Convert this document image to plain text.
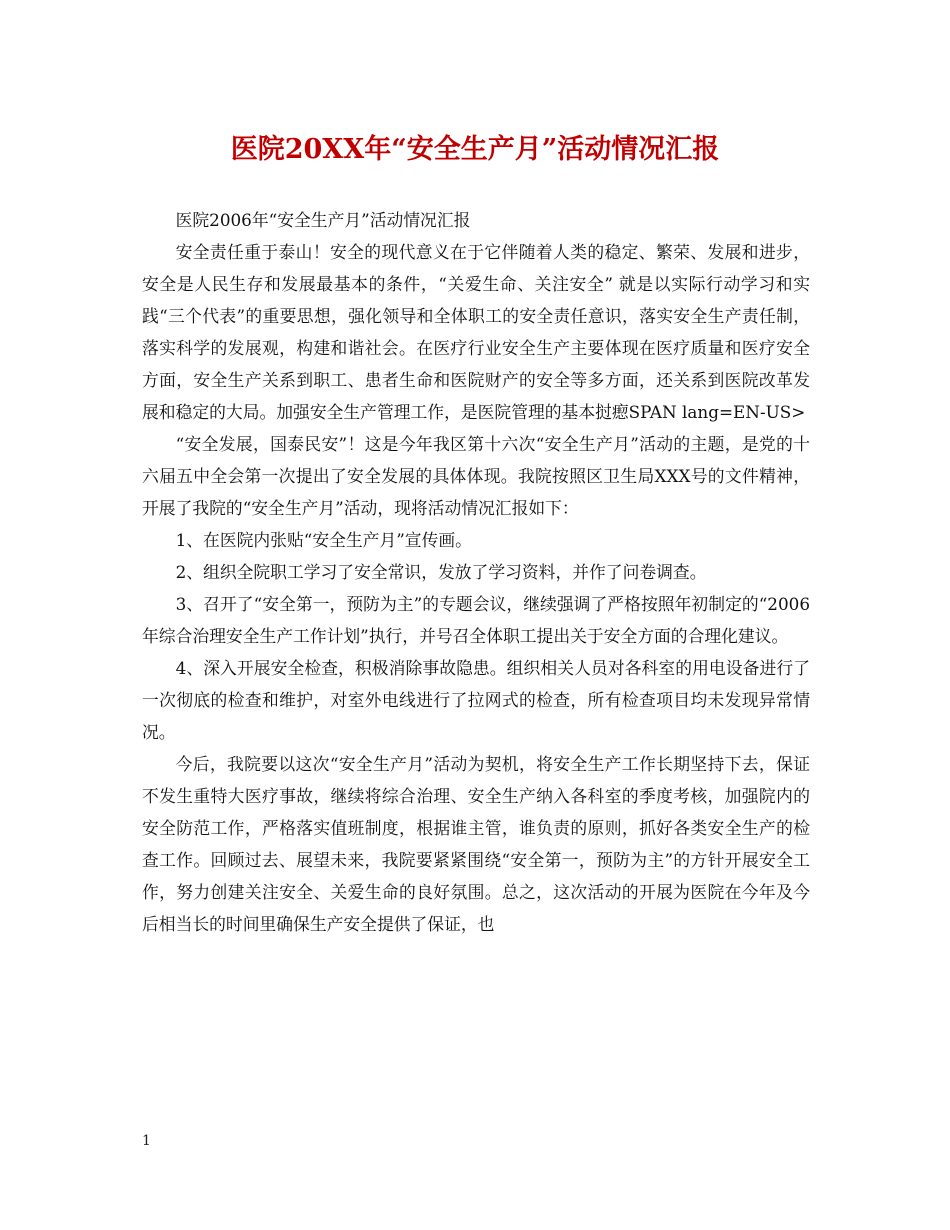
医院20XX年“安全生产月”活动情况汇报

医院2006年“安全生产月”活动情况汇报

安全责任重于泰山！安全的现代意义在于它伴随着人类的稳定、繁荣、发展和进步，安全是人民生存和发展最基本的条件，“关爱生命、关注安全” 就是以实际行动学习和实践“三个代表”的重要思想，强化领导和全体职工的安全责任意识，落实安全生产责任制，落实科学的发展观，构建和谐社会。在医疗行业安全生产主要体现在医疗质量和医疗安全方面，安全生产关系到职工、患者生命和医院财产的安全等多方面，还关系到医院改革发展和稳定的大局。加强安全生产管理工作，是医院管理的基本挝瘛SPAN lang=EN-US>

“安全发展，国泰民安”！这是今年我区第十六次“安全生产月”活动的主题，是党的十六届五中全会第一次提出了安全发展的具体体现。我院按照区卫生局XXX号的文件精神，开展了我院的“安全生产月”活动，现将活动情况汇报如下：

1、在医院内张贴“安全生产月”宣传画。

2、组织全院职工学习了安全常识，发放了学习资料，并作了问卷调查。

3、召开了“安全第一，预防为主”的专题会议，继续强调了严格按照年初制定的“2006年综合治理安全生产工作计划”执行，并号召全体职工提出关于安全方面的合理化建议。

4、深入开展安全检查，积极消除事故隐患。组织相关人员对各科室的用电设备进行了一次彻底的检查和维护，对室外电线进行了拉网式的检查，所有检查项目均未发现异常情况。

今后，我院要以这次“安全生产月”活动为契机，将安全生产工作长期坚持下去，保证不发生重特大医疗事故，继续将综合治理、安全生产纳入各科室的季度考核，加强院内的安全防范工作，严格落实值班制度，根据谁主管，谁负责的原则，抓好各类安全生产的检查工作。回顾过去、展望未来，我院要紧紧围绕“安全第一，预防为主”的方针开展安全工作，努力创建关注安全、关爱生命的良好氛围。总之，这次活动的开展为医院在今年及今后相当长的时间里确保生产安全提供了保证，也

1
